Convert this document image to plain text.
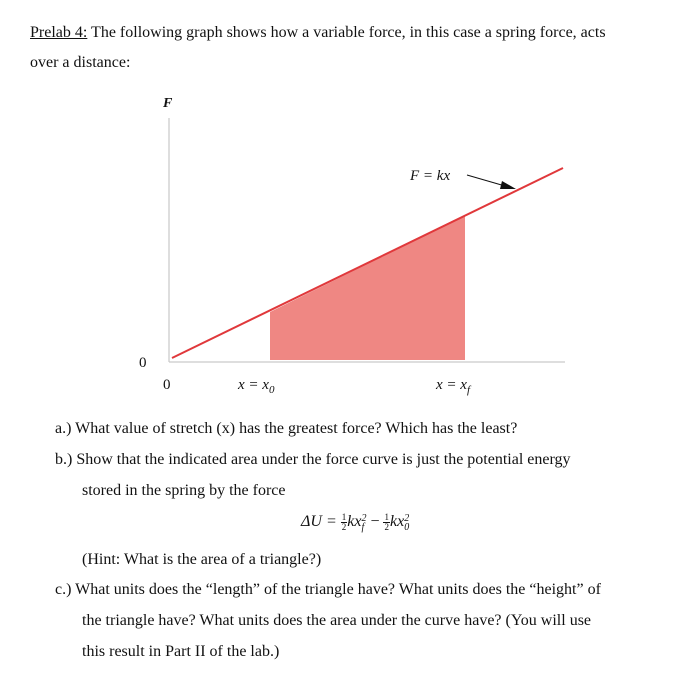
Prelab 4: The following graph shows how a variable force, in this case a spring force, acts
over a distance:
F
0
0
F = kx
$x = x_0$	$x = x_f$
a.) What value of stretch (x) has the greatest force? Which has the least?
b.) Show that the indicated area under the force curve is just the potential energy
stored in the spring by the force
$\Delta U = \frac{1}{2}$ kx 2
$f - \frac{1}{2}$ kx 2
0
(Hint: What is the area of a triangle?)
c.) What units does the “length” of the triangle have? What units does the “height” of
the triangle have? What units does the area under the curve have? (You will use
this result in Part II of the lab.)
